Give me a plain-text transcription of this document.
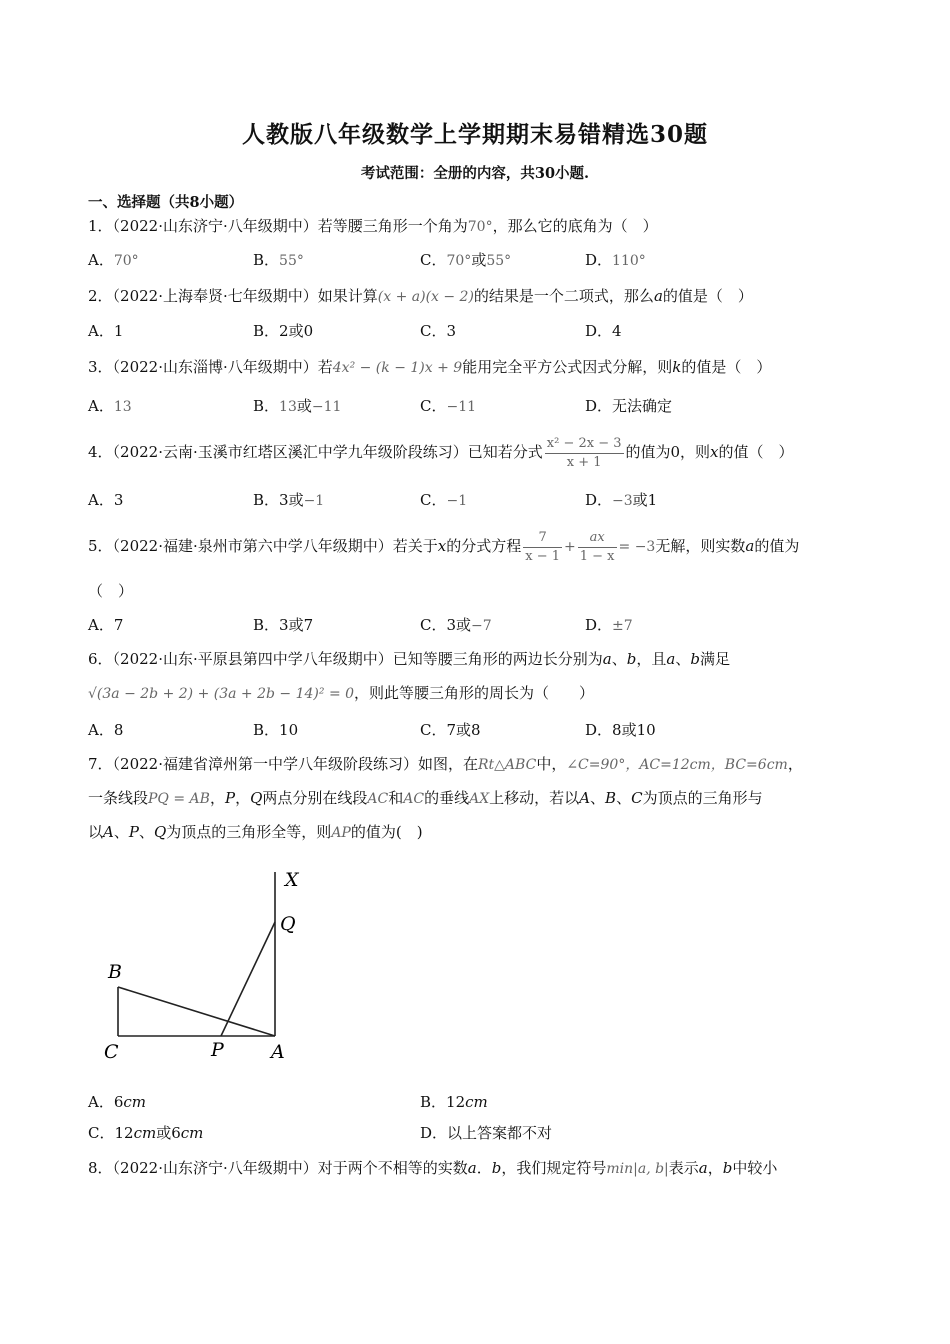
人教版八年级数学上学期期末易错精选30题
考试范围：全册的内容，共30小题.
一、选择题（共8小题）
1．（2022·山东济宁·八年级期中）若等腰三角形一个角为70°，那么它的底角为（　）
A．70°	B．55°	C．70°或55°	D．110°
2．（2022·上海奉贤·七年级期中）如果计算(x + a)(x − 2)的结果是一个二项式，那么a的值是（　）
A．1	B．2或0	C．3	D．4
3．（2022·山东淄博·八年级期中）若4x² − (k − 1)x + 9能用完全平方公式因式分解，则k的值是（　）
A．13	B．13或−11	C．−11	D．无法确定
4．（2022·云南·玉溪市红塔区溪汇中学九年级阶段练习）已知若分式 $\frac{\text{x² − 2x − 3}}{x + 1}$ 的值为0，则x的值（　）
A．3	B．3或−1	C．−1	D．−3或1
5．（2022·福建·泉州市第六中学八年级期中）若关于x的分式方程 $\frac{7}{x - 1} + \frac{ax}{1 - x} = -3$无解，则实数a的值为
（　）
A．7	B．3或7	C．3或−7	D．±7
6．（2022·山东·平原县第四中学八年级期中）已知等腰三角形的两边长分别为a、b，且a、b满足
√(3a − 2b + 2) + (3a + 2b − 14)² = 0，则此等腰三角形的周长为（　　）
A．8	B．10	C．7或8	D．8或10
7．（2022·福建省漳州第一中学八年级阶段练习）如图，在Rt△ABC中，∠C=90°，AC=12cm，BC=6cm，
一条线段PQ = AB，P，Q两点分别在线段AC和AC的垂线AX上移动，若以A、B、C为顶点的三角形与
以A、P、Q为顶点的三角形全等，则AP的值为(　)
X
Q
B
C	P A
A．6cm	B．12cm
C．12cm或6cm	D．以上答案都不对
8．（2022·山东济宁·八年级期中）对于两个不相等的实数a．b，我们规定符号min|a, b|表示a，b中较小
